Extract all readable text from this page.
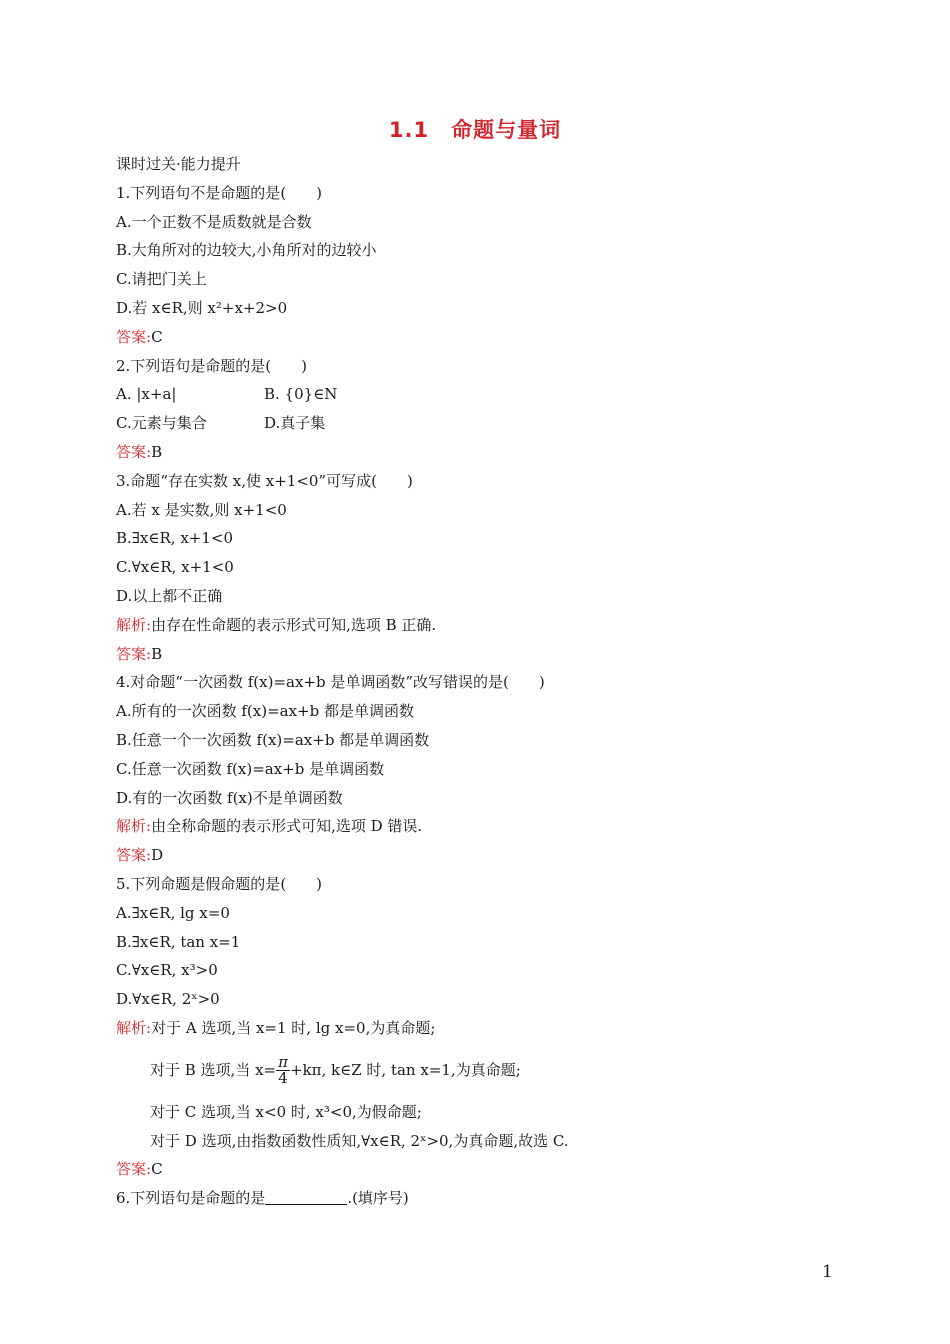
1.1　命题与量词
课时过关·能力提升
1.下列语句不是命题的是(　　)
A.一个正数不是质数就是合数
B.大角所对的边较大,小角所对的边较小
C.请把门关上
D.若 x∈R,则 x²+x+2>0
答案:C
2.下列语句是命题的是(　　)
A. |x+a|	B. {0}∈N
C.元素与集合	D.真子集
答案:B
3.命题“存在实数 x,使 x+1<0”可写成(　　)
A.若 x 是实数,则 x+1<0
B.∃x∈R, x+1<0
C.∀x∈R, x+1<0
D.以上都不正确
解析:由存在性命题的表示形式可知,选项 B 正确.
答案:B
4.对命题“一次函数 f(x)=ax+b 是单调函数”改写错误的是(　　)
A.所有的一次函数 f(x)=ax+b 都是单调函数
B.任意一个一次函数 f(x)=ax+b 都是单调函数
C.任意一次函数 f(x)=ax+b 是单调函数
D.有的一次函数 f(x)不是单调函数
解析:由全称命题的表示形式可知,选项 D 错误.
答案:D
5.下列命题是假命题的是(　　)
A.∃x∈R, lg x=0
B.∃x∈R, tan x=1
C.∀x∈R, x³>0
D.∀x∈R, 2ˣ>0
解析:对于 A 选项,当 x=1 时, lg x=0,为真命题;
对于 B 选项,当 $x= \frac{\pi}{4} +k\pi$, k∈Z 时, tan x=1,为真命题;
对于 C 选项,当 x<0 时, x³<0,为假命题;
对于 D 选项,由指数函数性质知,∀x∈R, 2ˣ>0,为真命题,故选 C.
答案:C
6.下列语句是命题的是	.(填序号)
1
